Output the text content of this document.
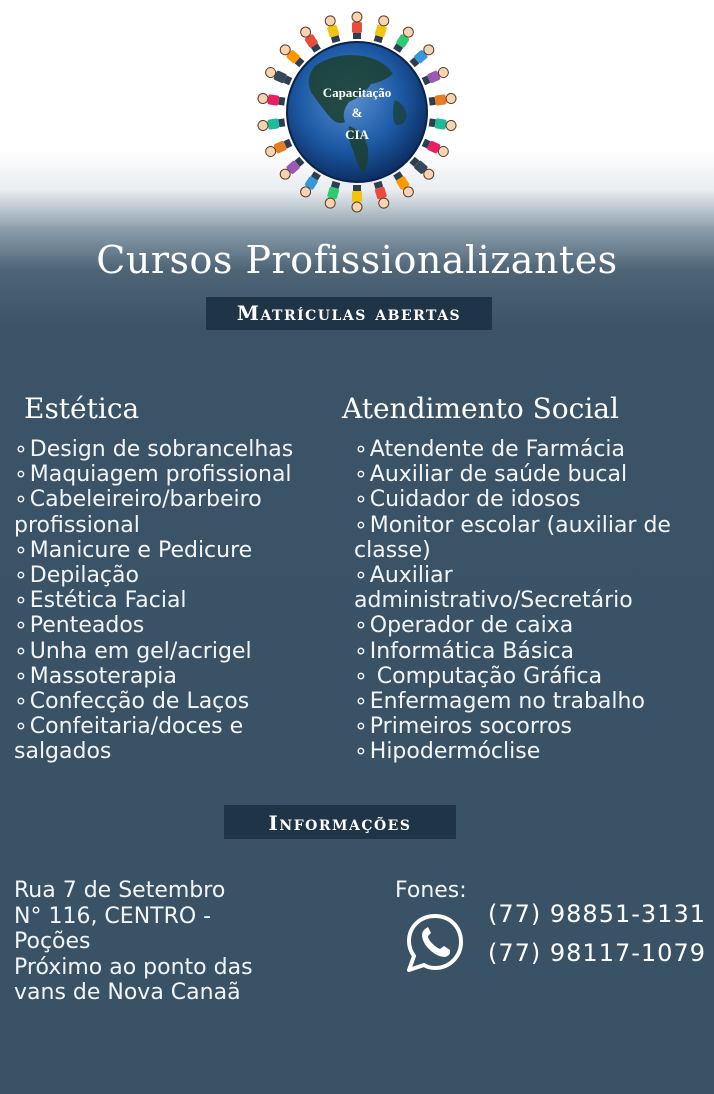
Capacitação
&
CIA
Cursos Profissionalizantes
Matrículas abertas
Estética	Atendimento Social
∘Design de sobrancelhas
∘Maquiagem profissional
∘Cabeleireiro/barbeiro profissional
∘Manicure e Pedicure
∘Depilação
∘Estética Facial
∘Penteados
∘Unha em gel/acrigel
∘Massoterapia
∘Confecção de Laços
∘Confeitaria/doces e salgados
∘Atendente de Farmácia
∘Auxiliar de saúde bucal
∘Cuidador de idosos
∘Monitor escolar (auxiliar de classe)
∘Auxiliar administrativo/Secretário
∘Operador de caixa
∘Informática Básica
∘ Computação Gráfica
∘Enfermagem no trabalho
∘Primeiros socorros
∘Hipodermóclise
Informações
Rua 7 de Setembro
N° 116, CENTRO -
Poções
Próximo ao ponto das
vans de Nova Canaã
Fones:
(77) 98851-3131
(77) 98117-1079
